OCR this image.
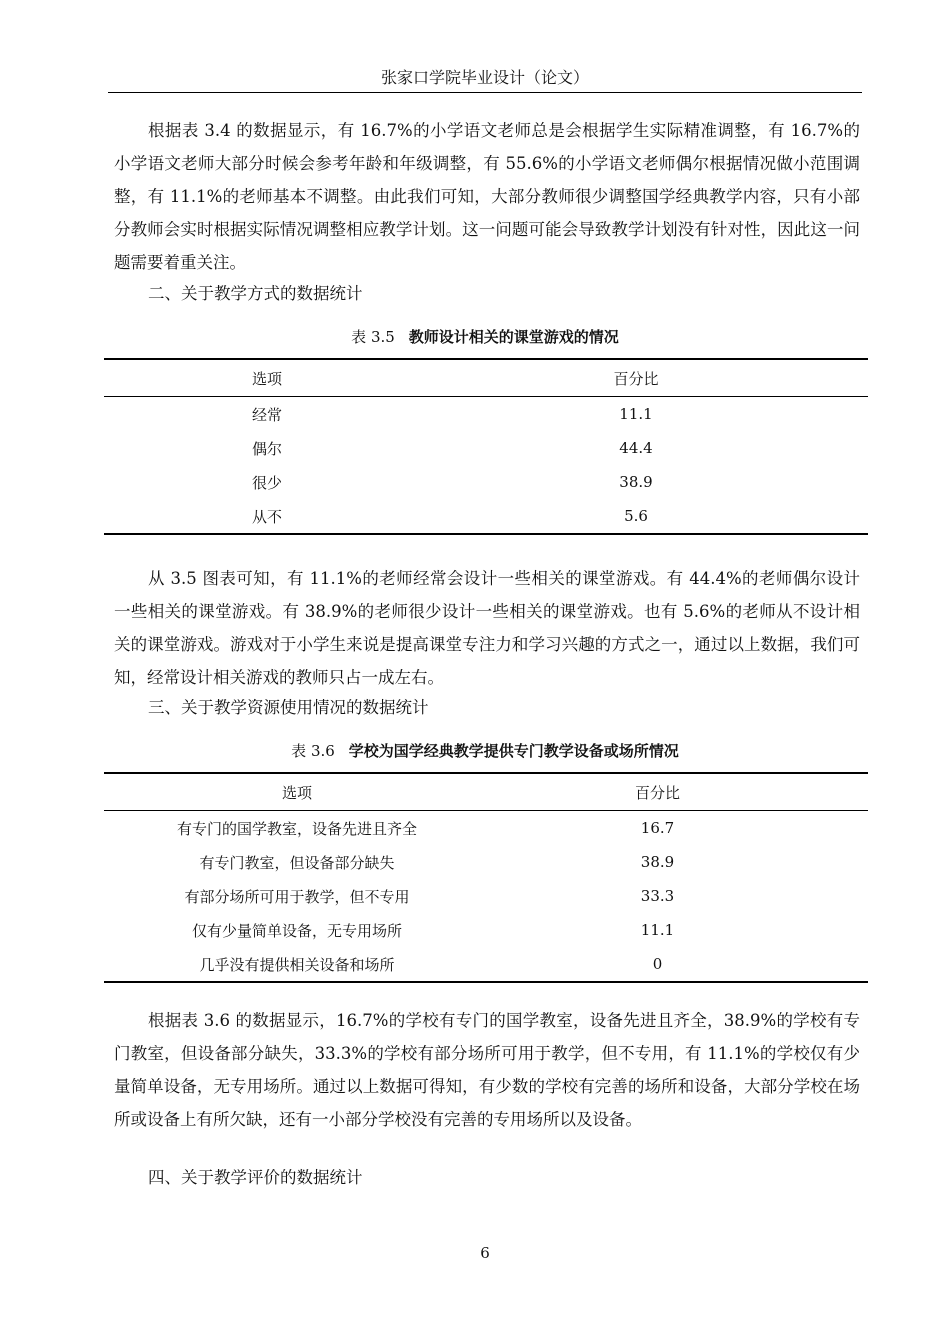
张家口学院毕业设计（论文）

根据表 3.4 的数据显示，有 16.7%的小学语文老师总是会根据学生实际精准调整，有 16.7%的小学语文老师大部分时候会参考年龄和年级调整，有 55.6%的小学语文老师偶尔根据情况做小范围调整，有 11.1%的老师基本不调整。由此我们可知，大部分教师很少调整国学经典教学内容，只有小部分教师会实时根据实际情况调整相应教学计划。这一问题可能会导致教学计划没有针对性，因此这一问题需要着重关注。

二、关于教学方式的数据统计
表 3.5 教师设计相关的课堂游戏的情况
选项	百分比
经常	11.1
偶尔	44.4
很少	38.9
从不	5.6

从 3.5 图表可知，有 11.1%的老师经常会设计一些相关的课堂游戏。有 44.4%的老师偶尔设计一些相关的课堂游戏。有 38.9%的老师很少设计一些相关的课堂游戏。也有 5.6%的老师从不设计相关的课堂游戏。游戏对于小学生来说是提高课堂专注力和学习兴趣的方式之一，通过以上数据，我们可知，经常设计相关游戏的教师只占一成左右。

三、关于教学资源使用情况的数据统计
表 3.6 学校为国学经典教学提供专门教学设备或场所情况
选项	百分比
有专门的国学教室，设备先进且齐全	16.7
有专门教室，但设备部分缺失	38.9
有部分场所可用于教学，但不专用	33.3
仅有少量简单设备，无专用场所	11.1
几乎没有提供相关设备和场所	0

根据表 3.6 的数据显示，16.7%的学校有专门的国学教室，设备先进且齐全，38.9%的学校有专门教室，但设备部分缺失，33.3%的学校有部分场所可用于教学，但不专用，有 11.1%的学校仅有少量简单设备，无专用场所。通过以上数据可得知，有少数的学校有完善的场所和设备，大部分学校在场所或设备上有所欠缺，还有一小部分学校没有完善的专用场所以及设备。

四、关于教学评价的数据统计
6
